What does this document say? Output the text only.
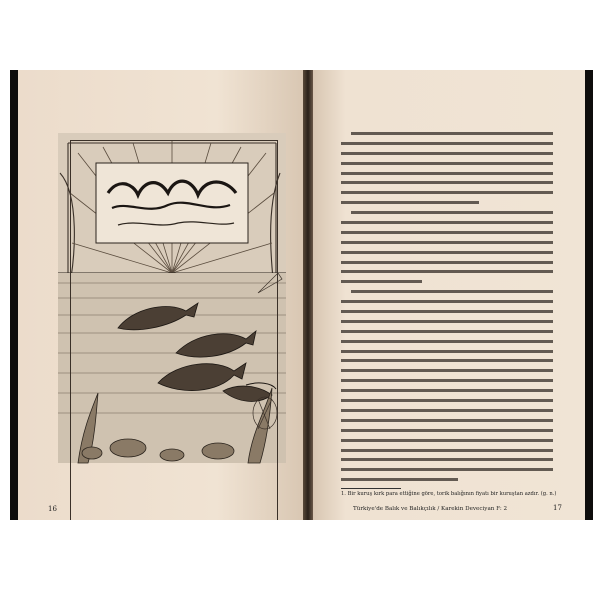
16
1. Bir kuruş kırk para ettiğine göre, torik balığının fiyatı bir kuruştan azdır. (g. n.)
Türkiye'de Balık ve Balıkçılık / Karekin Deveciyan F: 2	17
